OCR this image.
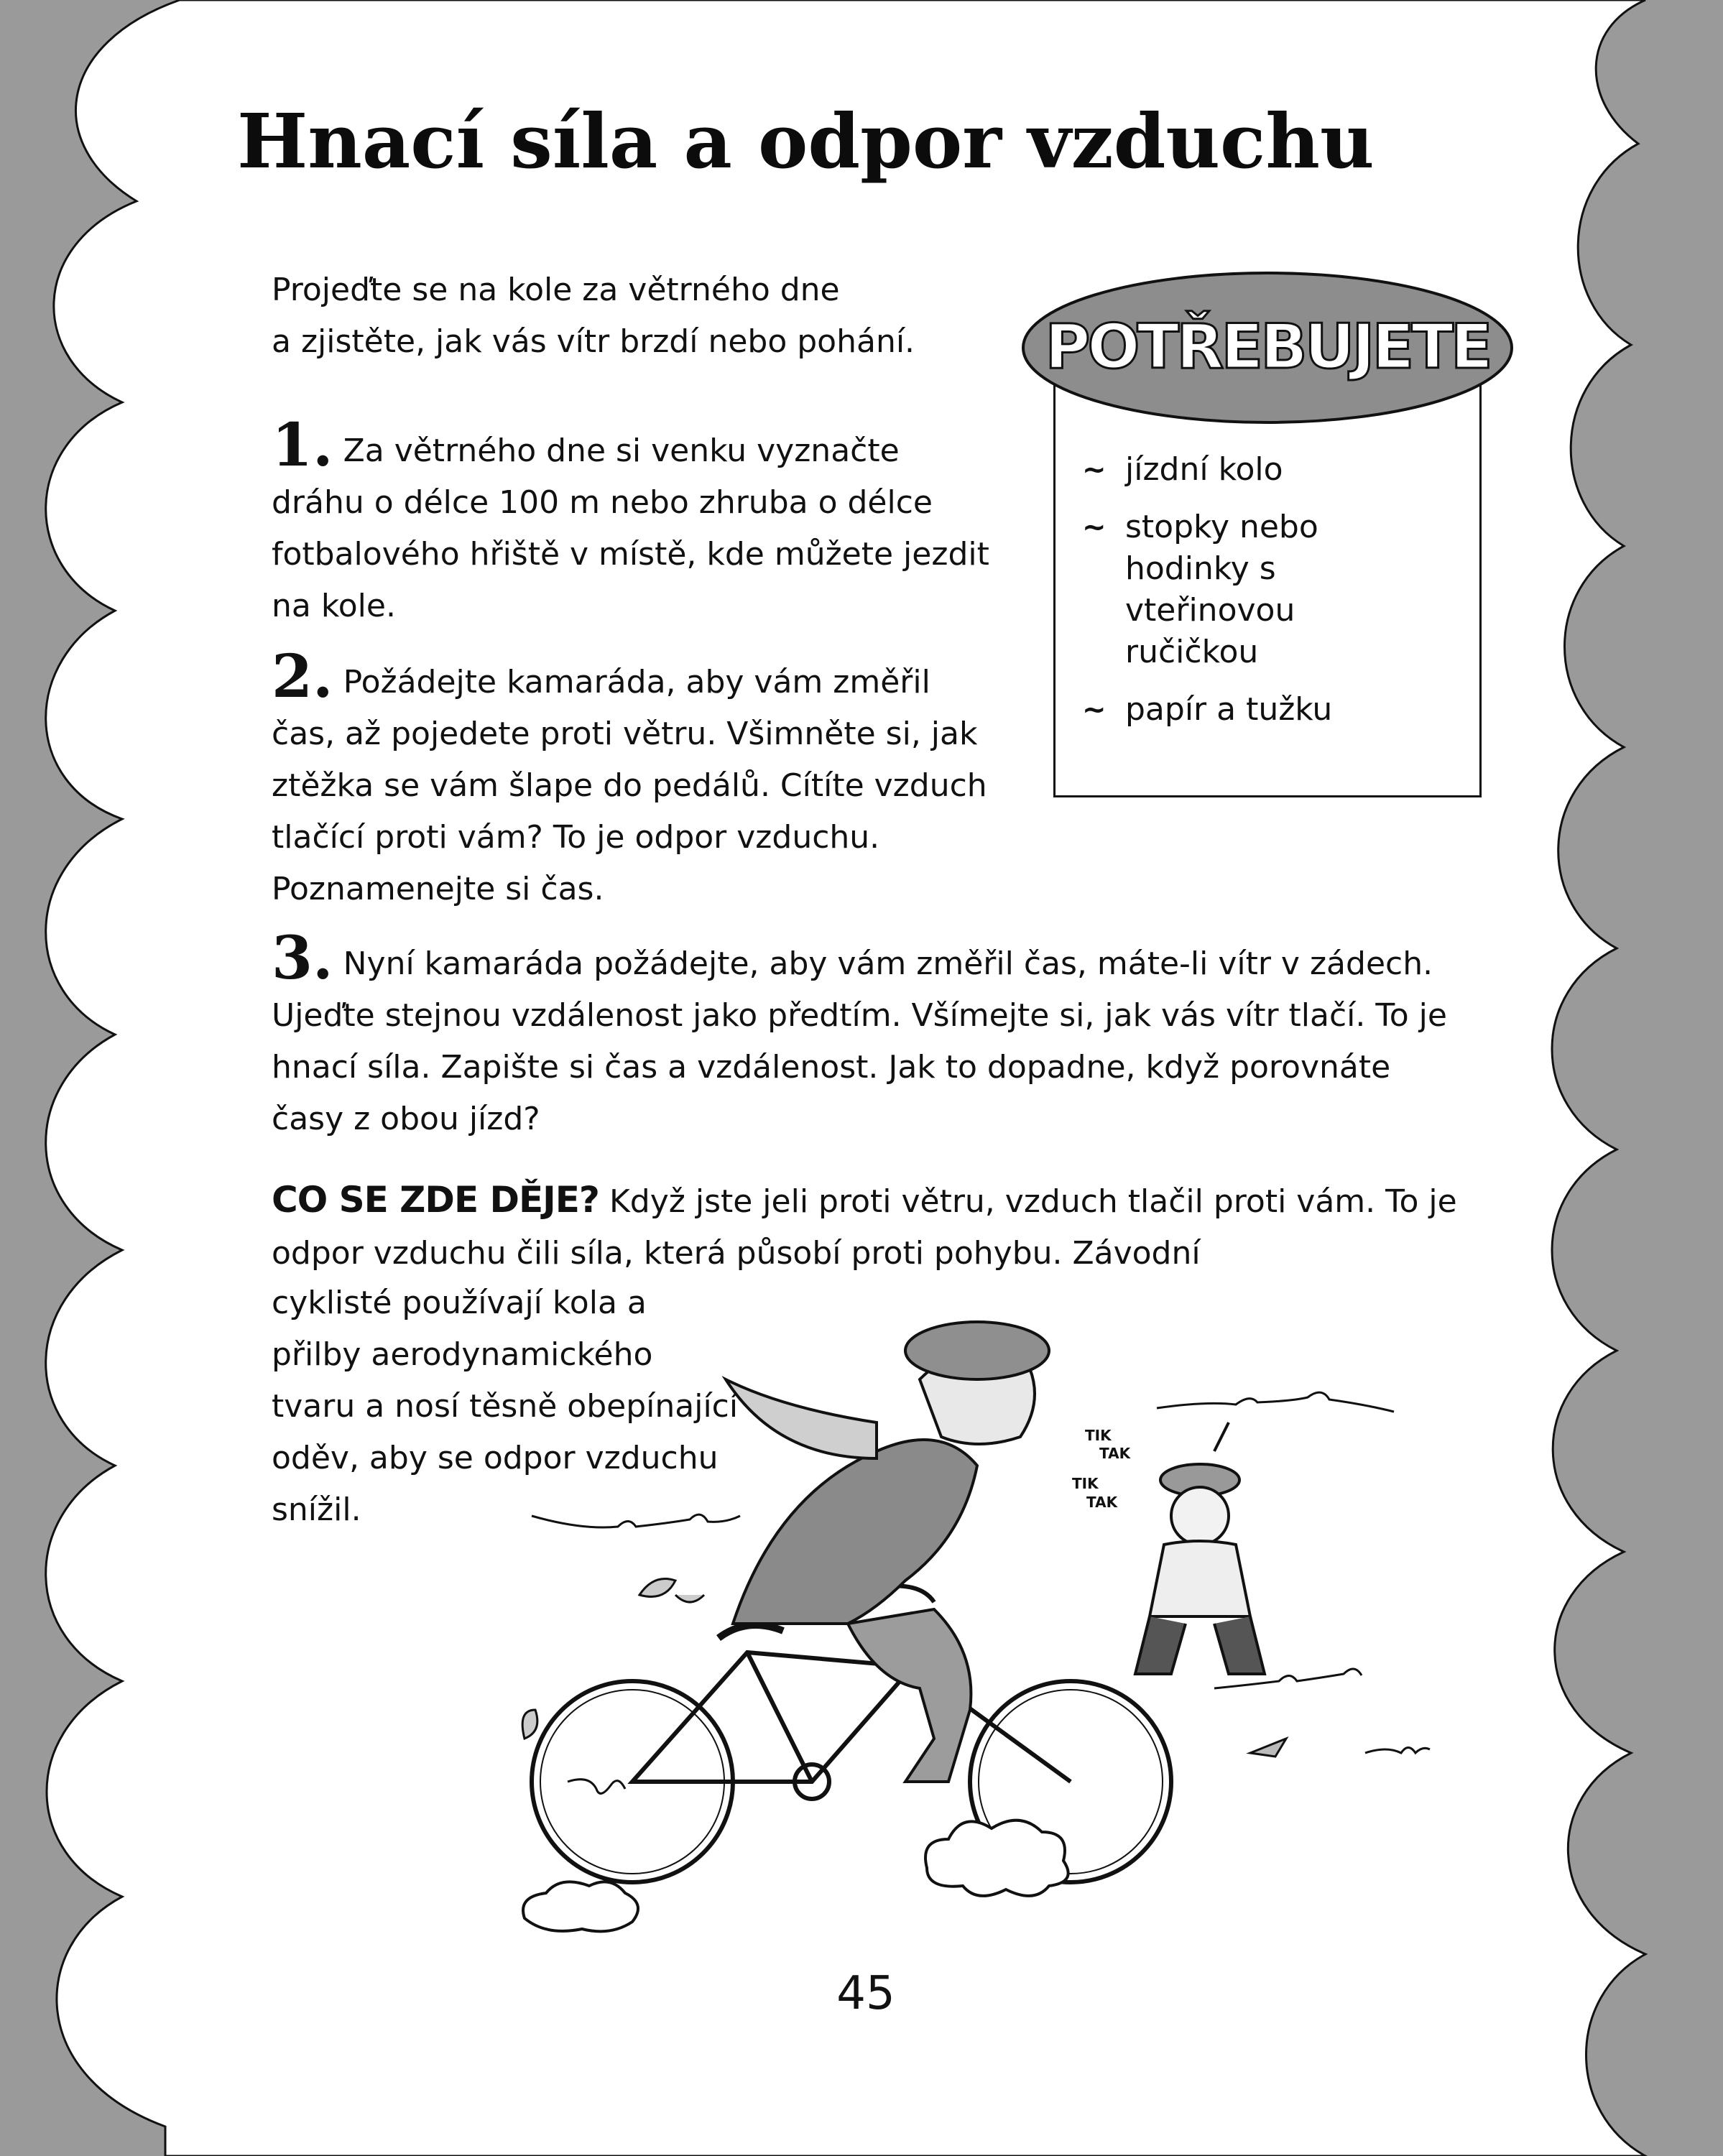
Hnací síla a odpor vzduchu
Projeďte se na kole za větrného dne
a zjistěte, jak vás vítr brzdí nebo pohání.	POTŘEBUJETE
~ jízdní kolo
~ stopky nebo hodinky s vteřinovou ručičkou
~ papír a tužku
1. Za větrného dne si venku vyznačte dráhu o délce 100 m nebo zhruba o délce fotbalového hřiště v místě, kde můžete jezdit na kole.
2. Požádejte kamaráda, aby vám změřil čas, až pojedete proti větru. Všimněte si, jak ztěžka se vám šlape do pedálů. Cítíte vzduch tlačící proti vám? To je odpor vzduchu. Poznamenejte si čas.
3. Nyní kamaráda požádejte, aby vám změřil čas, máte-li vítr v zádech. Ujeďte stejnou vzdálenost jako předtím. Všímejte si, jak vás vítr tlačí. To je hnací síla. Zapište si čas a vzdálenost. Jak to dopadne, když porovnáte časy z obou jízd?
CO SE ZDE DĚJE? Když jste jeli proti větru, vzduch tlačil proti vám. To je odpor vzduchu čili síla, která působí proti pohybu. Závodní
cyklisté používají kola a přilby aerodynamického tvaru a nosí těsně obepínající oděv, aby se odpor vzduchu snížil.
TIK
TAK
TIK
TAK
45
